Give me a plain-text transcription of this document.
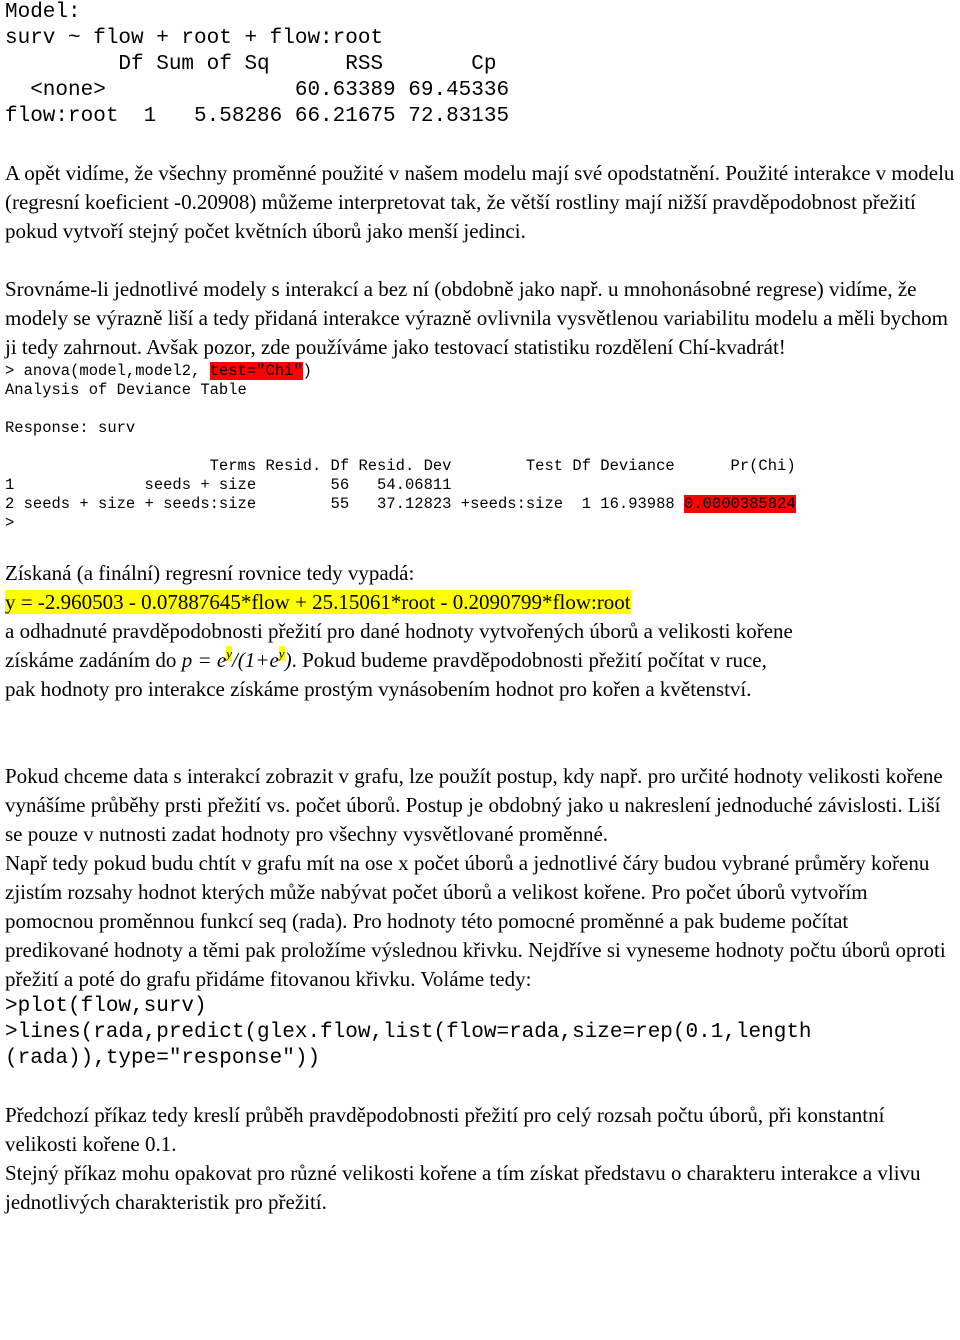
Model:
surv ~ flow + root + flow:root
Df Sum of Sq      RSS       Cp
<none>               60.63389 69.45336
flow:root  1   5.58286 66.21675 72.83135

A opět vidíme, že všechny proměnné použité v našem modelu mají své opodstatnění. Použité interakce v modelu (regresní koeficient -0.20908) můžeme interpretovat tak, že větší rostliny mají nižší pravděpodobnost přežití pokud vytvoří stejný počet květních úborů jako menší jedinci.

Srovnáme-li jednotlivé modely s interakcí a bez ní (obdobně jako např. u mnohonásobné regrese) vidíme, že modely se výrazně liší a tedy přidaná interakce výrazně ovlivnila vysvětlenou variabilitu modelu a měli bychom ji tedy zahrnout. Avšak pozor, zde používáme jako testovací statistiku rozdělení Chí-kvadrát!

> anova(model,model2, test="Chi")
Analysis of Deviance Table

Response: surv

Terms Resid. Df Resid. Dev        Test Df Deviance      Pr(Chi)
1              seeds + size        56   54.06811
2 seeds + size + seeds:size        55   37.12823 +seeds:size  1 16.93988 0.0000385824
>

Získaná (a finální) regresní rovnice tedy vypadá:

y = -2.960503 - 0.07887645*flow + 25.15061*root - 0.2090799*flow:root

a odhadnuté pravděpodobnosti přežití pro dané hodnoty vytvořených úborů a velikosti kořene
získáme zadáním do $p = e^y/(1+e^y)$. Pokud budeme pravděpodobnosti přežití počítat v ruce,
pak hodnoty pro interakce získáme prostým vynásobením hodnot pro kořen a květenství.

Pokud chceme data s interakcí zobrazit v grafu, lze použít postup, kdy např. pro určité hodnoty velikosti kořene vynášíme průběhy prsti přežití vs. počet úborů. Postup je obdobný jako u nakreslení jednoduché závislosti. Liší se pouze v nutnosti zadat hodnoty pro všechny vysvětlované proměnné.

Např tedy pokud budu chtít v grafu mít na ose x počet úborů a jednotlivé čáry budou vybrané průměry kořenu zjistím rozsahy hodnot kterých může nabývat počet úborů a velikost kořene. Pro počet úborů vytvořím pomocnou proměnnou funkcí seq (rada). Pro hodnoty této pomocné proměnné a pak budeme počítat predikované hodnoty a těmi pak proložíme výslednou křivku. Nejdříve si vyneseme hodnoty počtu úborů oproti přežití a poté do grafu přidáme fitovanou křivku. Voláme tedy:

>plot(flow,surv)
>lines(rada,predict(glex.flow,list(flow=rada,size=rep(0.1,length
(rada)),type="response"))

Předchozí příkaz tedy kreslí průběh pravděpodobnosti přežití pro celý rozsah počtu úborů, při konstantní velikosti kořene 0.1.

Stejný příkaz mohu opakovat pro různé velikosti kořene a tím získat představu o charakteru interakce a vlivu jednotlivých charakteristik pro přežití.
